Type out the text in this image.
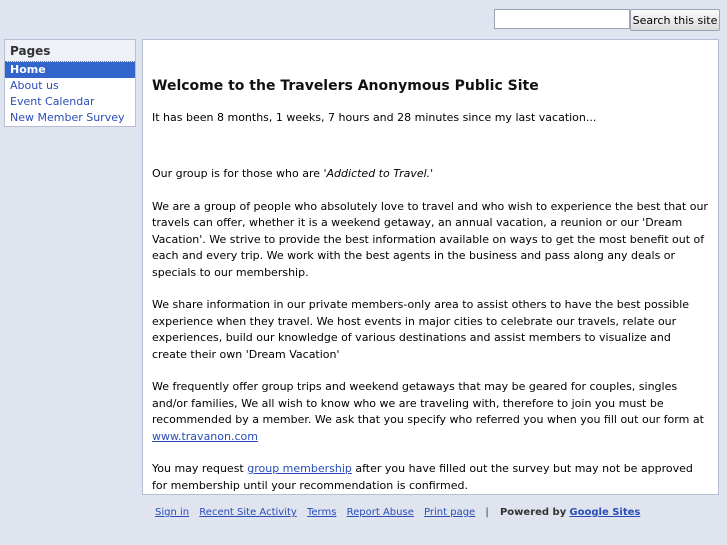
Search this site
Pages
Home
About us
Event Calendar
New Member Survey
Welcome to the Travelers Anonymous Public Site
It has been 8 months, 1 weeks, 7 hours and 28 minutes since my last vacation...

Our group is for those who are 'Addicted to Travel.'

We are a group of people who absolutely love to travel and who wish to experience the best that our travels can offer, whether it is a weekend getaway, an annual vacation, a reunion or our 'Dream Vacation'. We strive to provide the best information available on ways to get the most benefit out of each and every trip. We work with the best agents in the business and pass along any deals or specials to our membership.

We share information in our private members-only area to assist others to have the best possible experience when they travel. We host events in major cities to celebrate our travels, relate our experiences, build our knowledge of various destinations and assist members to visualize and create their own 'Dream Vacation'

We frequently offer group trips and weekend getaways that may be geared for couples, singles and/or families, We all wish to know who we are traveling with, therefore to join you must be recommended by a member. We ask that you specify who referred you when you fill out our form at www.travanon.com

You may request group membership after you have filled out the survey but may not be approved for membership until your recommendation is confirmed.

Sign in Recent Site Activity Terms Report Abuse Print page | Powered by Google Sites
